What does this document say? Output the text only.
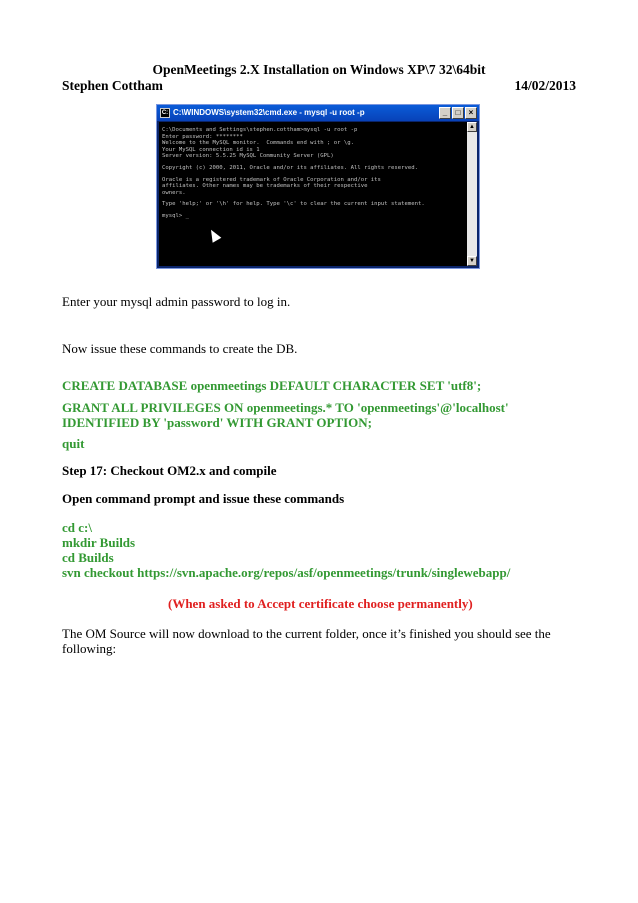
OpenMeetings 2.X Installation on Windows XP\7 32\64bit
Stephen Cottham	14/02/2013
C: C:\WINDOWS\system32\cmd.exe - mysql -u root -p	_	□	×
C:\Documents and Settings\stephen.cottham>mysql -u root -p
Enter password: ********
Welcome to the MySQL monitor.  Commands end with ; or \g.
Your MySQL connection id is 1
Server version: 5.5.25 MySQL Community Server (GPL)
Copyright (c) 2000, 2011, Oracle and/or its affiliates. All rights reserved.
Oracle is a registered trademark of Oracle Corporation and/or its
affiliates. Other names may be trademarks of their respective
owners.
Type 'help;' or '\h' for help. Type '\c' to clear the current input statement.
mysql> _
▲
▼
Enter your mysql admin password to log in.
Now issue these commands to create the DB.
CREATE DATABASE openmeetings DEFAULT CHARACTER SET 'utf8';
GRANT ALL PRIVILEGES ON openmeetings.* TO 'openmeetings'@'localhost'
IDENTIFIED BY 'password' WITH GRANT OPTION;
quit
Step 17: Checkout OM2.x and compile
Open command prompt and issue these commands
cd c:\
mkdir Builds
cd Builds
svn checkout https://svn.apache.org/repos/asf/openmeetings/trunk/singlewebapp/
(When asked to Accept certificate choose permanently)
The OM Source will now download to the current folder, once it’s finished you should see the
following:
